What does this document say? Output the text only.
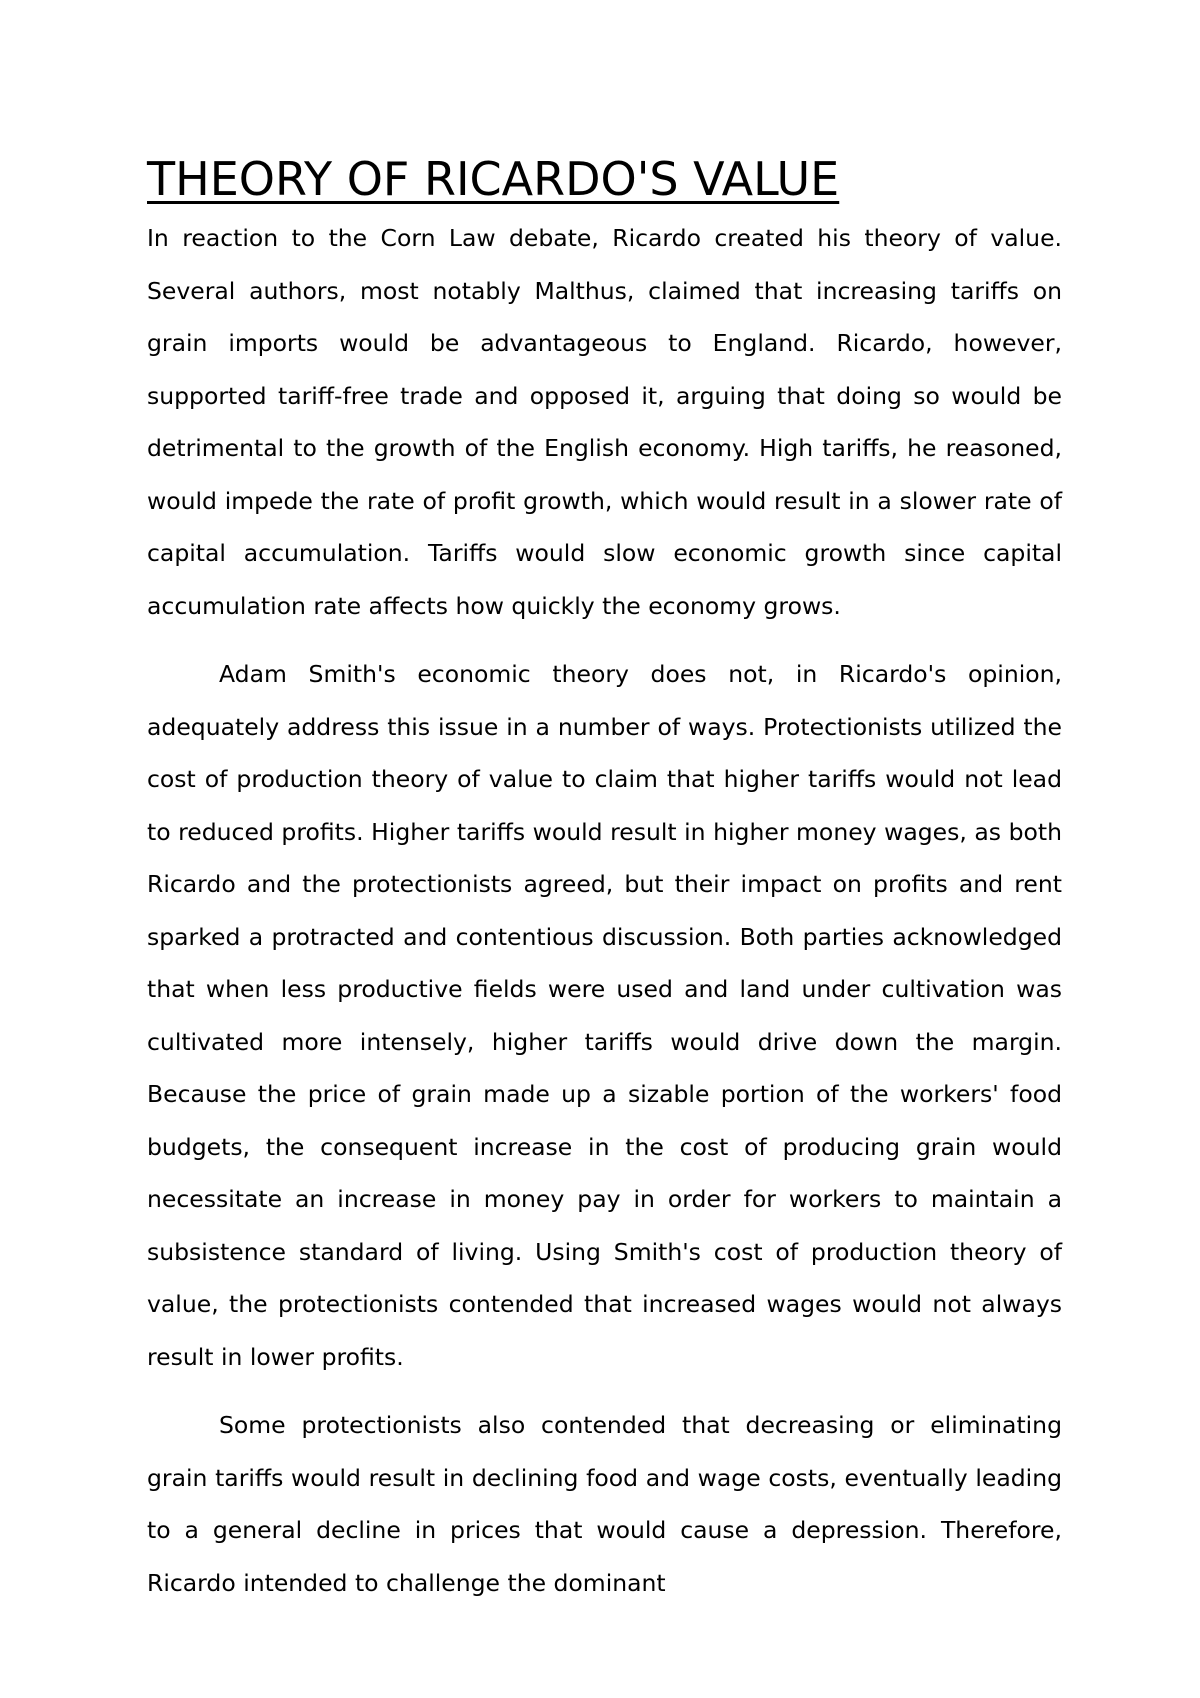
THEORY OF RICARDO'S VALUE

In reaction to the Corn Law debate, Ricardo created his theory of value. Several authors, most notably Malthus, claimed that increasing tariffs on grain imports would be advantageous to England. Ricardo, however, supported tariff-free trade and opposed it, arguing that doing so would be detrimental to the growth of the English economy. High tariffs, he reasoned, would impede the rate of profit growth, which would result in a slower rate of capital accumulation. Tariffs would slow economic growth since capital accumulation rate affects how quickly the economy grows.

Adam Smith's economic theory does not, in Ricardo's opinion, adequately address this issue in a number of ways. Protectionists utilized the cost of production theory of value to claim that higher tariffs would not lead to reduced profits. Higher tariffs would result in higher money wages, as both Ricardo and the protectionists agreed, but their impact on profits and rent sparked a protracted and contentious discussion. Both parties acknowledged that when less productive fields were used and land under cultivation was cultivated more intensely, higher tariffs would drive down the margin. Because the price of grain made up a sizable portion of the workers' food budgets, the consequent increase in the cost of producing grain would necessitate an increase in money pay in order for workers to maintain a subsistence standard of living. Using Smith's cost of production theory of value, the protectionists contended that increased wages would not always result in lower profits.

Some protectionists also contended that decreasing or eliminating grain tariffs would result in declining food and wage costs, eventually leading to a general decline in prices that would cause a depression. Therefore, Ricardo intended to challenge the dominant
